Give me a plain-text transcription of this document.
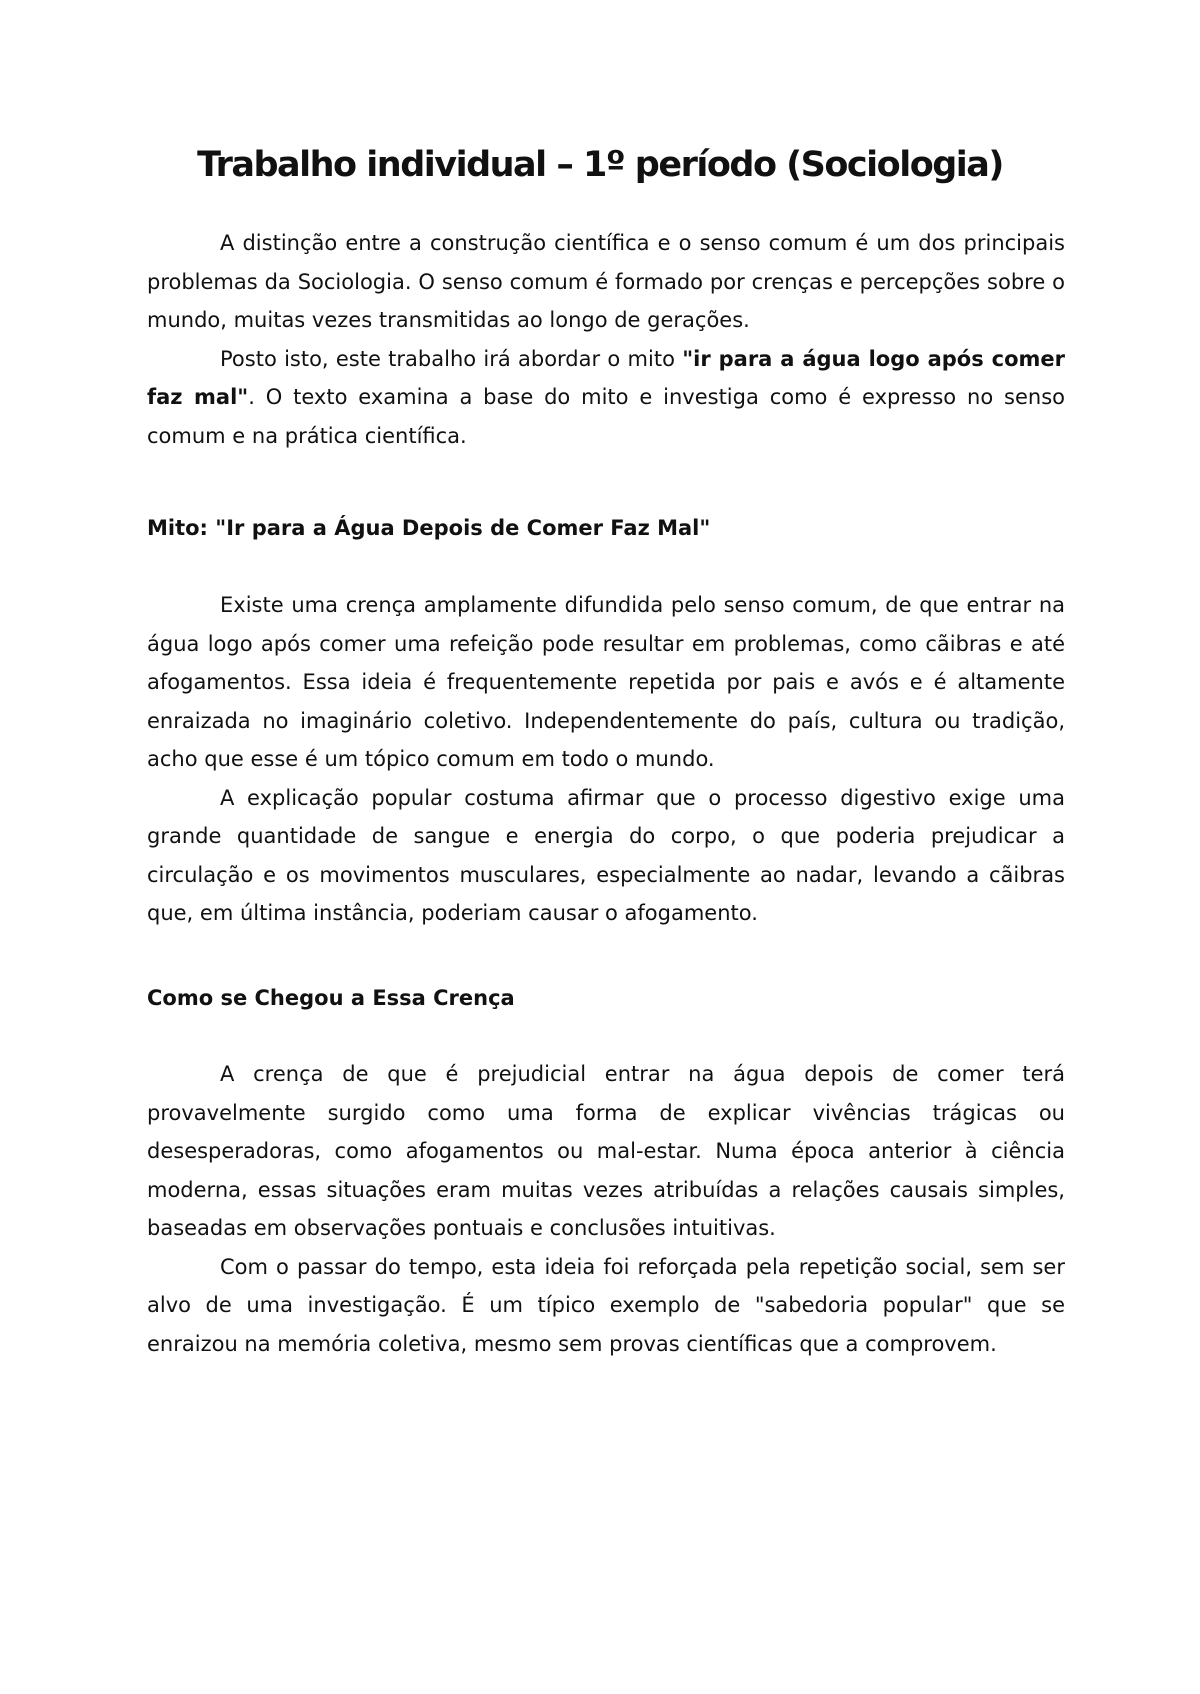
Trabalho individual – 1º período (Sociologia)

A distinção entre a construção científica e o senso comum é um dos principais problemas da Sociologia. O senso comum é formado por crenças e percepções sobre o mundo, muitas vezes transmitidas ao longo de gerações.

Posto isto, este trabalho irá abordar o mito "ir para a água logo após comer faz mal". O texto examina a base do mito e investiga como é expresso no senso comum e na prática científica.

Mito: "Ir para a Água Depois de Comer Faz Mal"

Existe uma crença amplamente difundida pelo senso comum, de que entrar na água logo após comer uma refeição pode resultar em problemas, como cãibras e até afogamentos. Essa ideia é frequentemente repetida por pais e avós e é altamente enraizada no imaginário coletivo. Independentemente do país, cultura ou tradição, acho que esse é um tópico comum em todo o mundo.

A explicação popular costuma afirmar que o processo digestivo exige uma grande quantidade de sangue e energia do corpo, o que poderia prejudicar a circulação e os movimentos musculares, especialmente ao nadar, levando a cãibras que, em última instância, poderiam causar o afogamento.

Como se Chegou a Essa Crença

A crença de que é prejudicial entrar na água depois de comer terá provavelmente surgido como uma forma de explicar vivências trágicas ou desesperadoras, como afogamentos ou mal-estar. Numa época anterior à ciência moderna, essas situações eram muitas vezes atribuídas a relações causais simples, baseadas em observações pontuais e conclusões intuitivas.

Com o passar do tempo, esta ideia foi reforçada pela repetição social, sem ser alvo de uma investigação. É um típico exemplo de "sabedoria popular" que se enraizou na memória coletiva, mesmo sem provas científicas que a comprovem.
